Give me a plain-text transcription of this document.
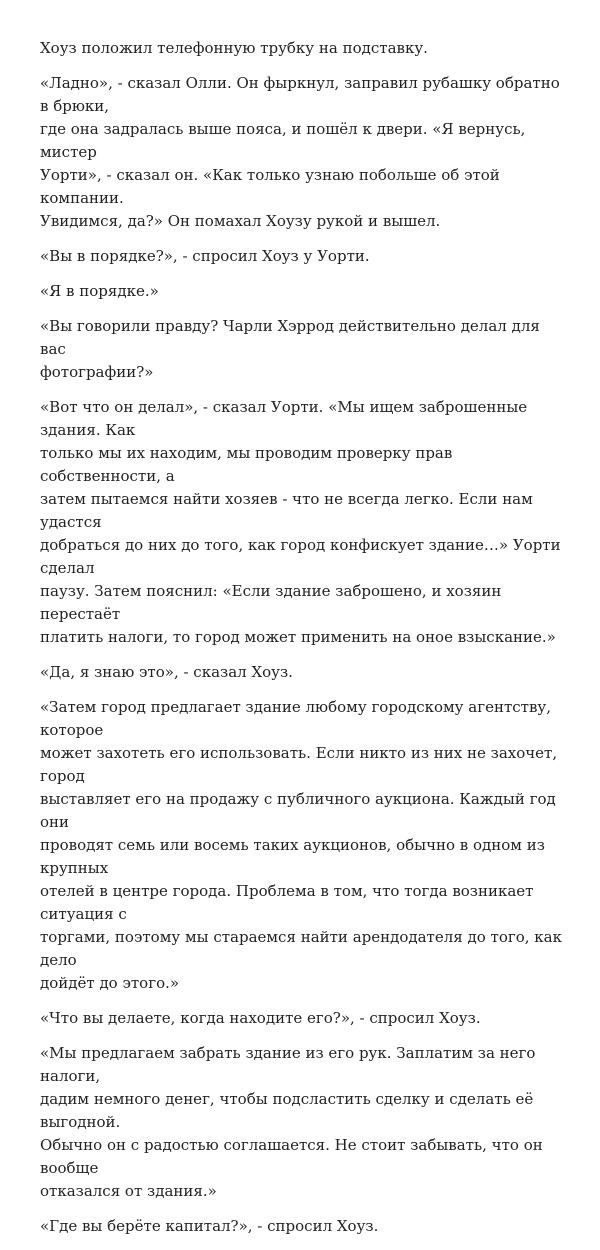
Хоуз положил телефонную трубку на подставку.

«Ладно», - сказал Олли. Он фыркнул, заправил рубашку обратно в брюки,
где она задралась выше пояса, и пошёл к двери. «Я вернусь, мистер
Уорти», - сказал он. «Как только узнаю побольше об этой компании.
Увидимся, да?» Он помахал Хоузу рукой и вышел.

«Вы в порядке?», - спросил Хоуз у Уорти.

«Я в порядке.»

«Вы говорили правду? Чарли Хэррод действительно делал для вас
фотографии?»

«Вот что он делал», - сказал Уорти. «Мы ищем заброшенные здания. Как
только мы их находим, мы проводим проверку прав собственности, а
затем пытаемся найти хозяев - что не всегда легко. Если нам удастся
добраться до них до того, как город конфискует здание…» Уорти сделал
паузу. Затем пояснил: «Если здание заброшено, и хозяин перестаёт
платить налоги, то город может применить на оное взыскание.»

«Да, я знаю это», - сказал Хоуз.

«Затем город предлагает здание любому городскому агентству, которое
может захотеть его использовать. Если никто из них не захочет, город
выставляет его на продажу с публичного аукциона. Каждый год они
проводят семь или восемь таких аукционов, обычно в одном из крупных
отелей в центре города. Проблема в том, что тогда возникает ситуация с
торгами, поэтому мы стараемся найти арендодателя до того, как дело
дойдёт до этого.»

«Что вы делаете, когда находите его?», - спросил Хоуз.

«Мы предлагаем забрать здание из его рук. Заплатим за него налоги,
дадим немного денег, чтобы подсластить сделку и сделать её выгодной.
Обычно он с радостью соглашается. Не стоит забывать, что он вообще
отказался от здания.»

«Где вы берёте капитал?», - спросил Хоуз.
